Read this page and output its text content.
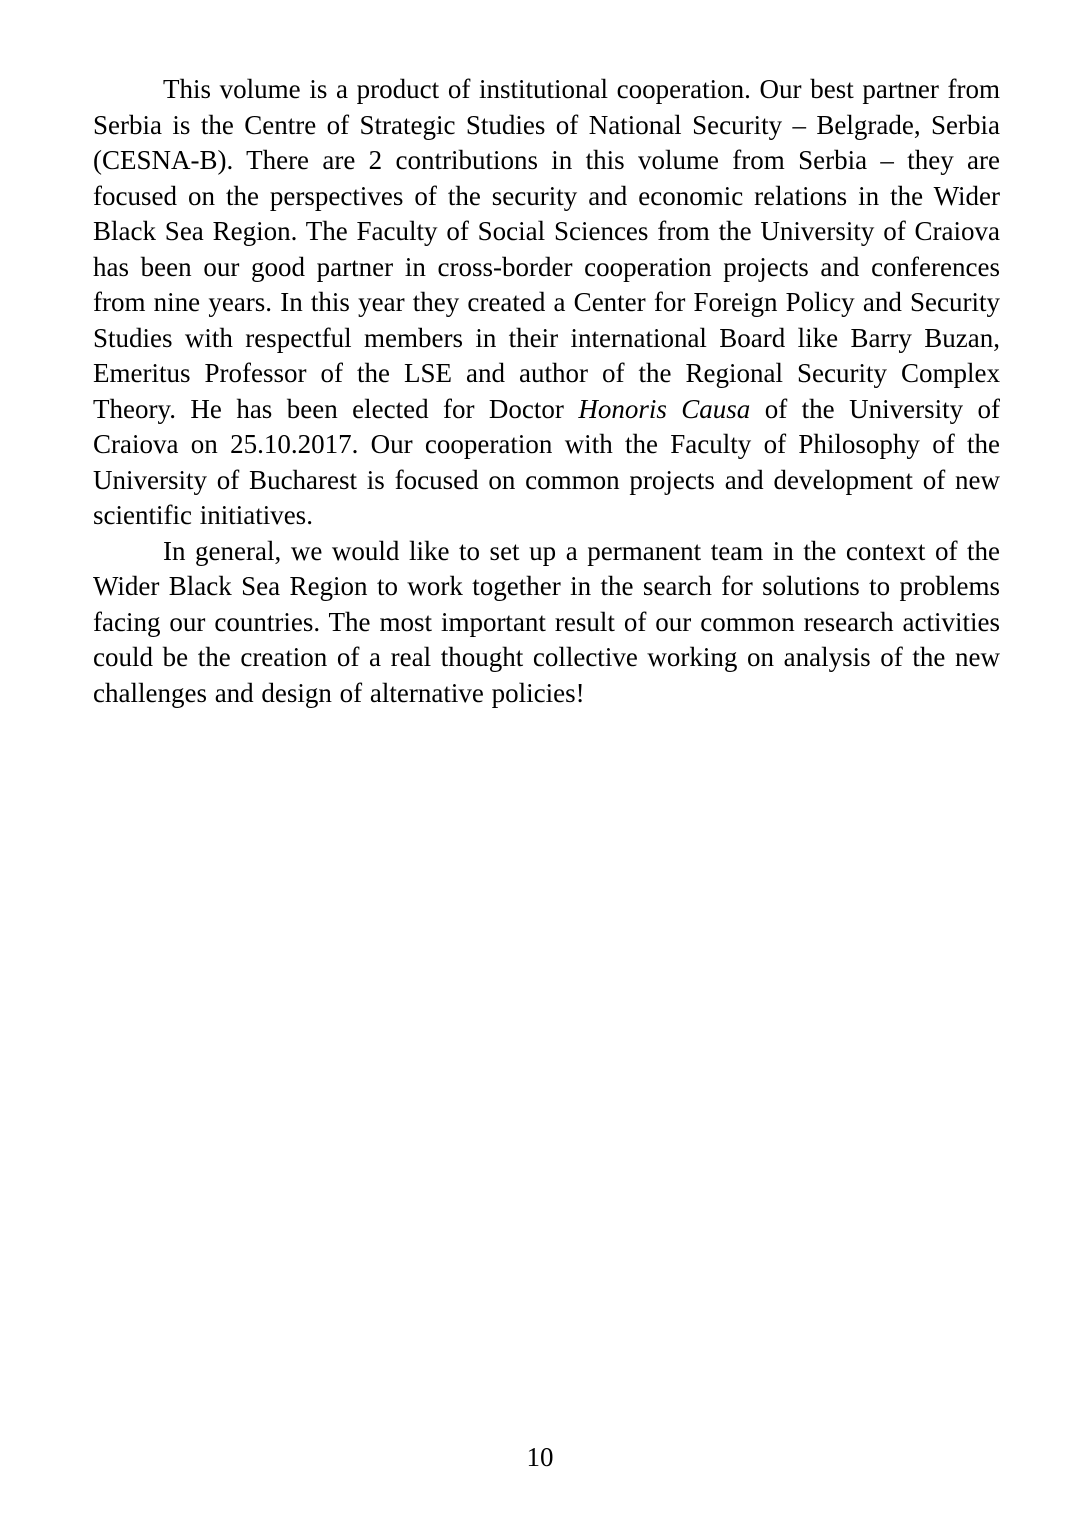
This volume is a product of institutional cooperation. Our best partner from Serbia is the Centre of Strategic Studies of National Security – Belgrade, Serbia (CESNA-B). There are 2 contributions in this volume from Serbia – they are focused on the perspectives of the security and economic relations in the Wider Black Sea Region. The Faculty of Social Sciences from the University of Craiova has been our good partner in cross-border cooperation projects and conferences from nine years. In this year they created a Center for Foreign Policy and Security Studies with respectful members in their international Board like Barry Buzan, Emeritus Professor of the LSE and author of the Regional Security Complex Theory. He has been elected for Doctor Honoris Causa of the University of Craiova on 25.10.2017. Our cooperation with the Faculty of Philosophy of the University of Bucharest is focused on common projects and development of new scientific initiatives.

In general, we would like to set up a permanent team in the context of the Wider Black Sea Region to work together in the search for solutions to problems facing our countries. The most important result of our common research activities could be the creation of a real thought collective working on analysis of the new challenges and design of alternative policies!

10
